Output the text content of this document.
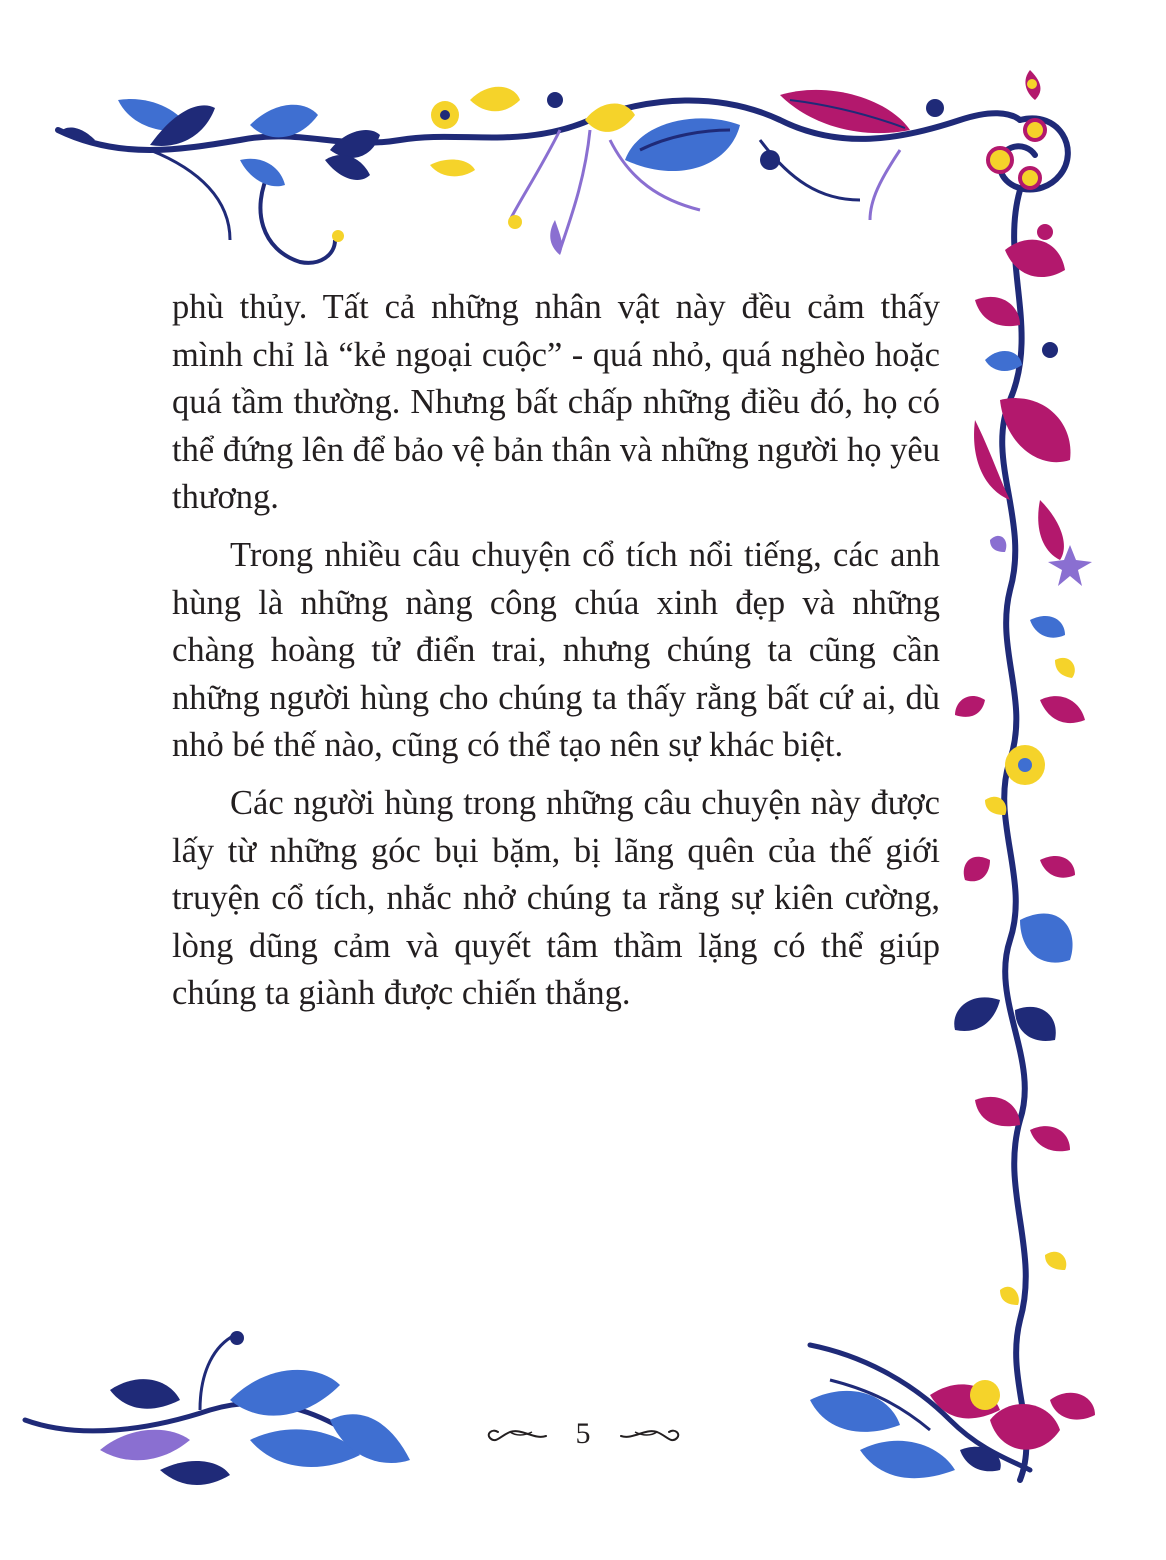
phù thủy. Tất cả những nhân vật này đều cảm thấy mình chỉ là “kẻ ngoại cuộc” - quá nhỏ, quá nghèo hoặc quá tầm thường. Nhưng bất chấp những điều đó, họ có thể đứng lên để bảo vệ bản thân và những người họ yêu thương.

Trong nhiều câu chuyện cổ tích nổi tiếng, các anh hùng là những nàng công chúa xinh đẹp và những chàng hoàng tử điển trai, nhưng chúng ta cũng cần những người hùng cho chúng ta thấy rằng bất cứ ai, dù nhỏ bé thế nào, cũng có thể tạo nên sự khác biệt.

Các người hùng trong những câu chuyện này được lấy từ những góc bụi bặm, bị lãng quên của thế giới truyện cổ tích, nhắc nhở chúng ta rằng sự kiên cường, lòng dũng cảm và quyết tâm thầm lặng có thể giúp chúng ta giành được chiến thắng.

5
